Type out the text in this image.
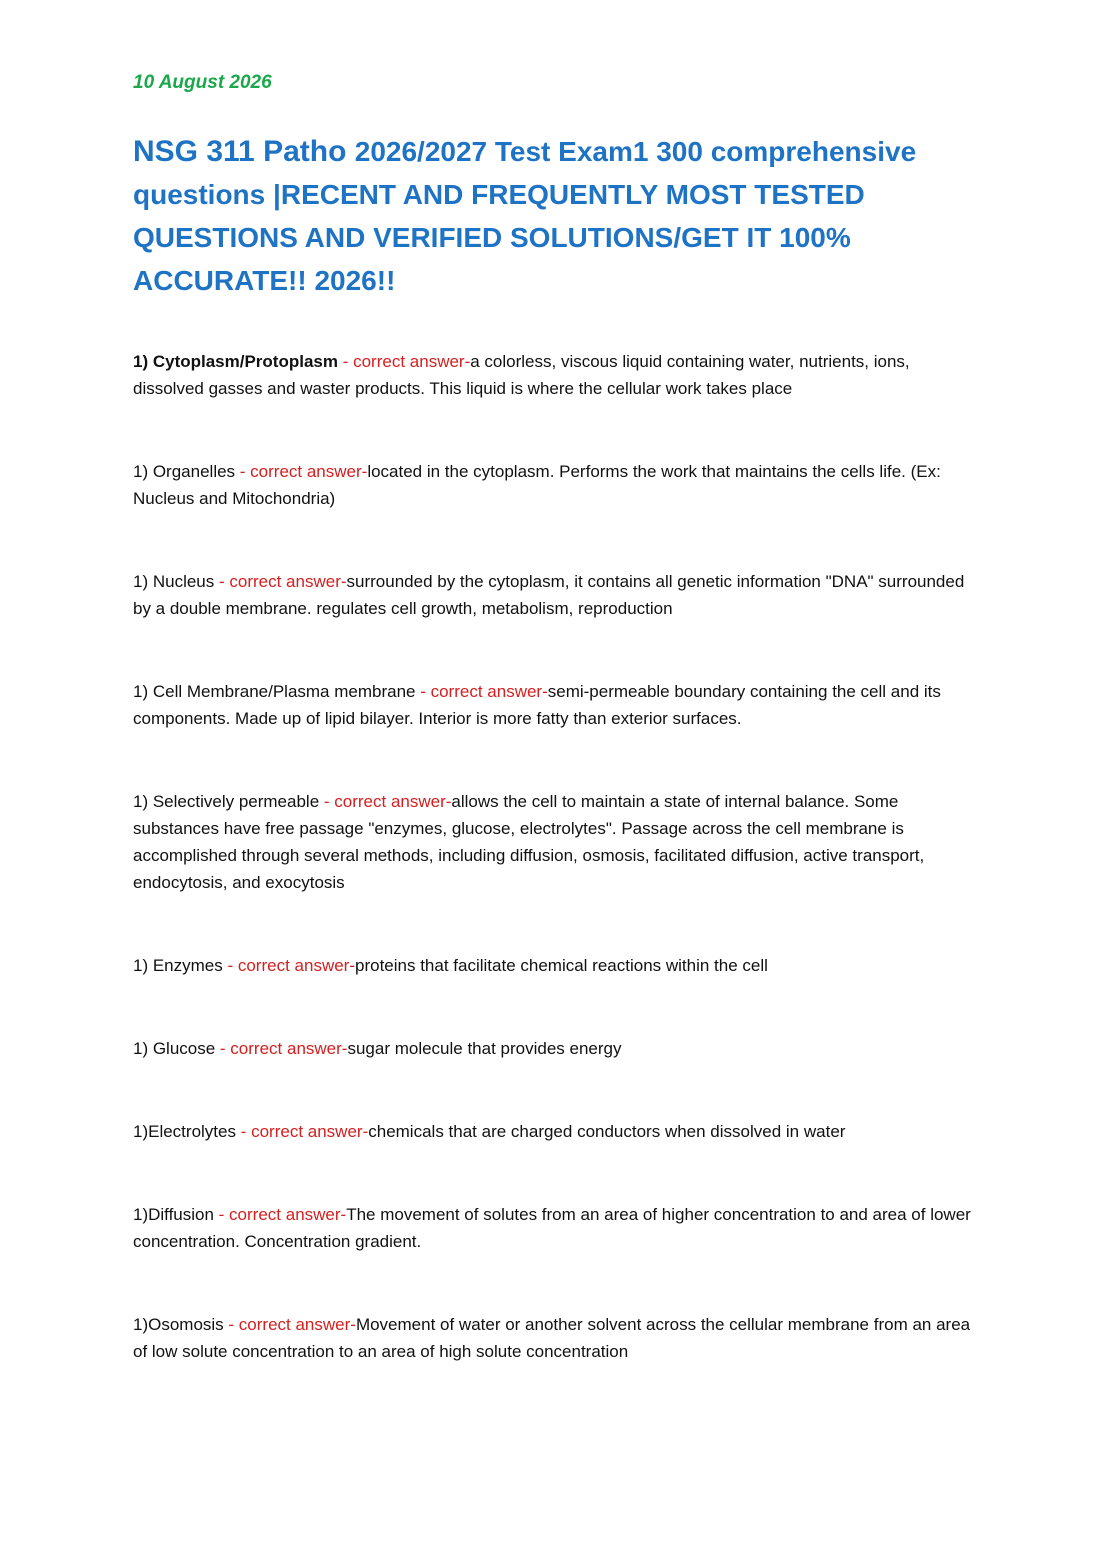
10 August 2026

NSG 311 Patho 2026/2027 Test Exam1 300 comprehensive questions |RECENT AND FREQUENTLY MOST TESTED QUESTIONS AND VERIFIED SOLUTIONS/GET IT 100% ACCURATE!! 2026!!

1) Cytoplasm/Protoplasm - correct answer-a colorless, viscous liquid containing water, nutrients, ions, dissolved gasses and waster products. This liquid is where the cellular work takes place

1) Organelles - correct answer-located in the cytoplasm. Performs the work that maintains the cells life. (Ex: Nucleus and Mitochondria)

1) Nucleus - correct answer-surrounded by the cytoplasm, it contains all genetic information "DNA" surrounded by a double membrane. regulates cell growth, metabolism, reproduction

1) Cell Membrane/Plasma membrane - correct answer-semi-permeable boundary containing the cell and its components. Made up of lipid bilayer. Interior is more fatty than exterior surfaces.

1) Selectively permeable - correct answer-allows the cell to maintain a state of internal balance. Some substances have free passage "enzymes, glucose, electrolytes". Passage across the cell membrane is accomplished through several methods, including diffusion, osmosis, facilitated diffusion, active transport, endocytosis, and exocytosis

1) Enzymes - correct answer-proteins that facilitate chemical reactions within the cell

1) Glucose - correct answer-sugar molecule that provides energy

1)Electrolytes - correct answer-chemicals that are charged conductors when dissolved in water

1)Diffusion - correct answer-The movement of solutes from an area of higher concentration to and area of lower concentration. Concentration gradient.

1)Osomosis - correct answer-Movement of water or another solvent across the cellular membrane from an area of low solute concentration to an area of high solute concentration
